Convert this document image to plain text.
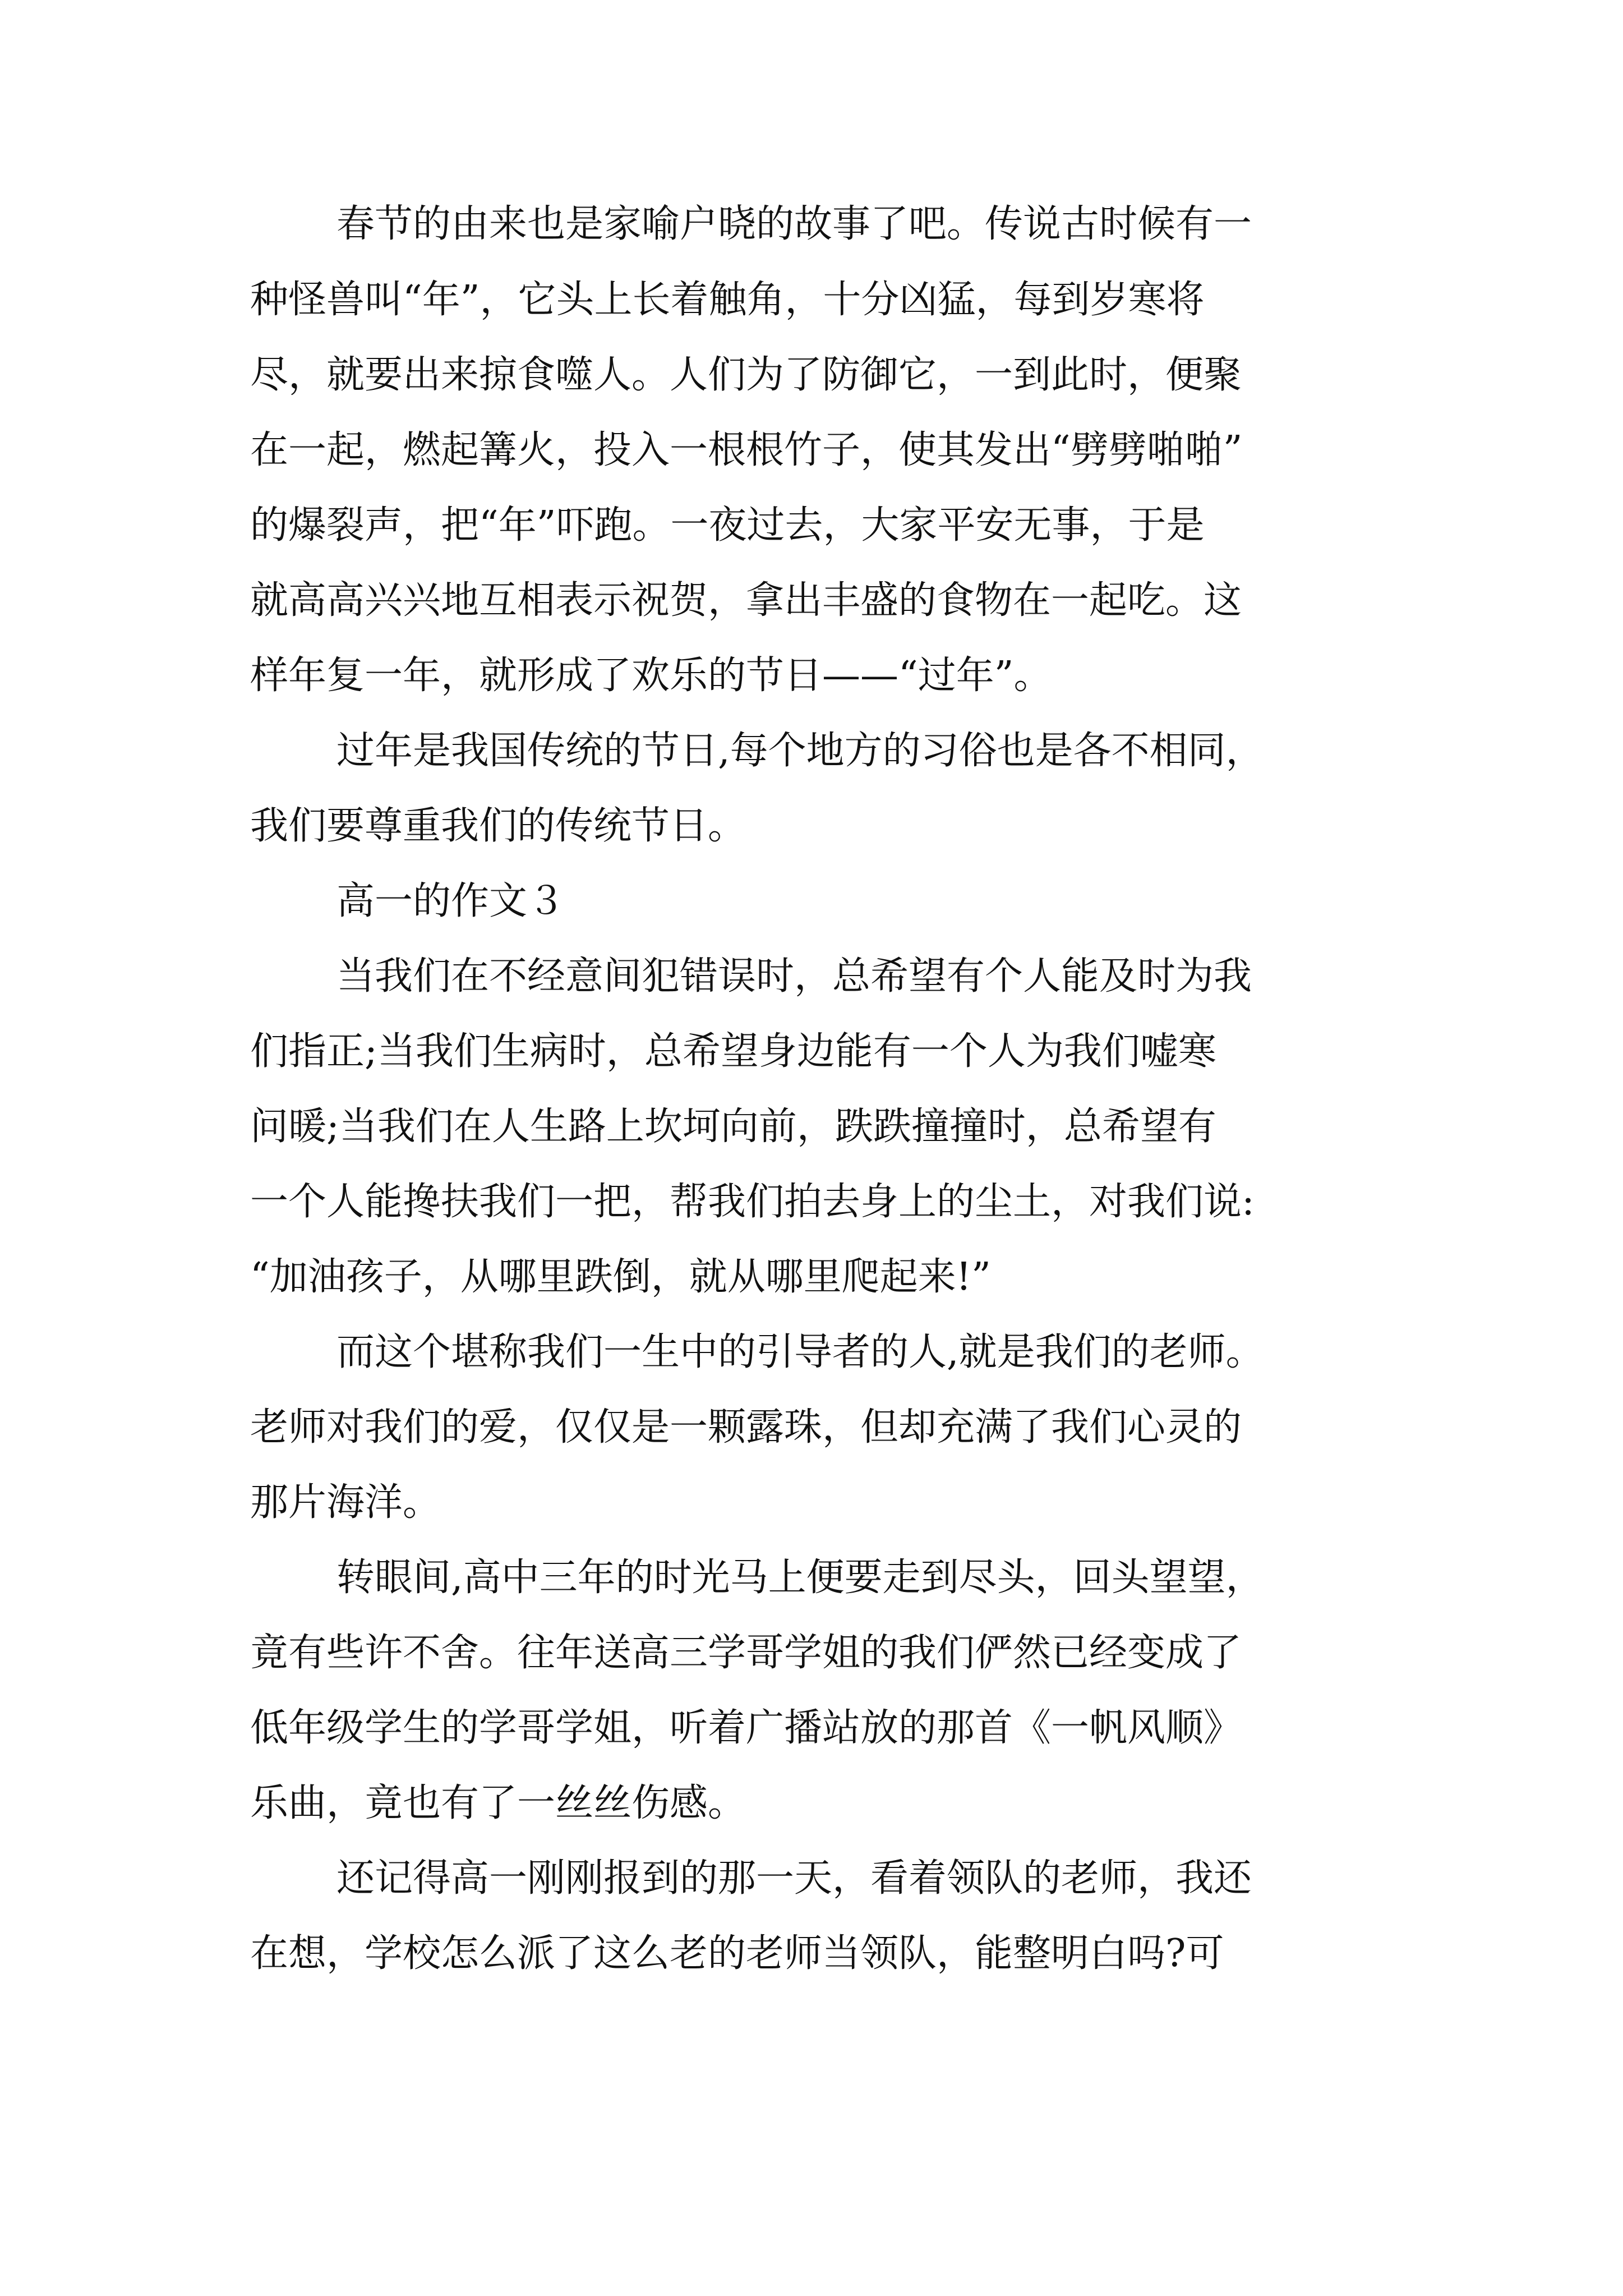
春节的由来也是家喻户晓的故事了吧。传说古时候有一

种怪兽叫“年”，它头上长着触角，十分凶猛，每到岁寒将

尽，就要出来掠食噬人。人们为了防御它，一到此时，便聚

在一起，燃起篝火，投入一根根竹子，使其发出“劈劈啪啪”

的爆裂声，把“年”吓跑。一夜过去，大家平安无事，于是

就高高兴兴地互相表示祝贺，拿出丰盛的食物在一起吃。这

样年复一年，就形成了欢乐的节日——“过年”。

过年是我国传统的节日,每个地方的习俗也是各不相同，

我们要尊重我们的传统节日。

高一的作文３

当我们在不经意间犯错误时，总希望有个人能及时为我

们指正;当我们生病时，总希望身边能有一个人为我们嘘寒

问暖;当我们在人生路上坎坷向前，跌跌撞撞时，总希望有

一个人能搀扶我们一把，帮我们拍去身上的尘土，对我们说:

“加油孩子，从哪里跌倒，就从哪里爬起来!”

而这个堪称我们一生中的引导者的人,就是我们的老师。

老师对我们的爱，仅仅是一颗露珠，但却充满了我们心灵的

那片海洋。

转眼间,高中三年的时光马上便要走到尽头，回头望望，

竟有些许不舍。往年送高三学哥学姐的我们俨然已经变成了

低年级学生的学哥学姐，听着广播站放的那首《一帆风顺》

乐曲，竟也有了一丝丝伤感。

还记得高一刚刚报到的那一天，看着领队的老师，我还

在想，学校怎么派了这么老的老师当领队，能整明白吗?可
